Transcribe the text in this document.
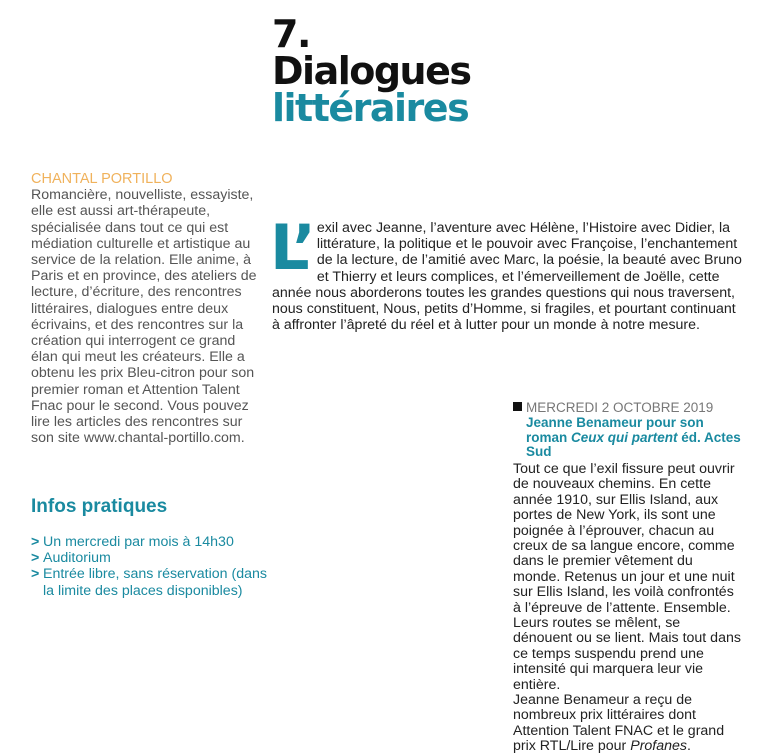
7.
Dialogues
littéraires
CHANTAL PORTILLO
Romancière, nouvelliste, essayiste, elle est aussi art-thérapeute, spécialisée dans tout ce qui est médiation culturelle et artistique au service de la relation. Elle anime, à Paris et en province, des ateliers de lecture, d’écriture, des rencontres littéraires, dialogues entre deux écrivains, et des rencontres sur la création qui interrogent ce grand élan qui meut les créateurs. Elle a obtenu les prix Bleu-citron pour son premier roman et Attention Talent Fnac pour le second. Vous pouvez lire les articles des rencontres sur son site www.chantal-portillo.com.
Infos pratiques
> Un mercredi par mois à 14h30
> Auditorium
> Entrée libre, sans réservation (dans la limite des places disponibles)
L’ exil avec Jeanne, l’aventure avec Hélène, l’Histoire avec Didier, la littérature, la politique et le pouvoir avec Françoise, l’enchantement de la lecture, de l’amitié avec Marc, la poésie, la beauté avec Bruno et Thierry et leurs complices, et l’émerveillement de Joëlle, cette année nous aborderons toutes les grandes questions qui nous traversent, nous constituent, Nous, petits d’Homme, si fragiles, et pourtant continuant à affronter l’âpreté du réel et à lutter pour un monde à notre mesure.
MERCREDI 2 OCTOBRE 2019
Jeanne Benameur pour son roman Ceux qui partent éd. Actes Sud
Tout ce que l’exil fissure peut ouvrir de nouveaux chemins. En cette année 1910, sur Ellis Island, aux portes de New York, ils sont une poignée à l’éprouver, chacun au creux de sa langue encore, comme dans le premier vêtement du monde. Retenus un jour et une nuit sur Ellis Island, les voilà confrontés à l’épreuve de l’attente. Ensemble. Leurs routes se mêlent, se dénouent ou se lient. Mais tout dans ce temps suspendu prend une intensité qui marquera leur vie entière.
Jeanne Benameur a reçu de nombreux prix littéraires dont Attention Talent FNAC et le grand prix RTL/Lire pour Profanes.
